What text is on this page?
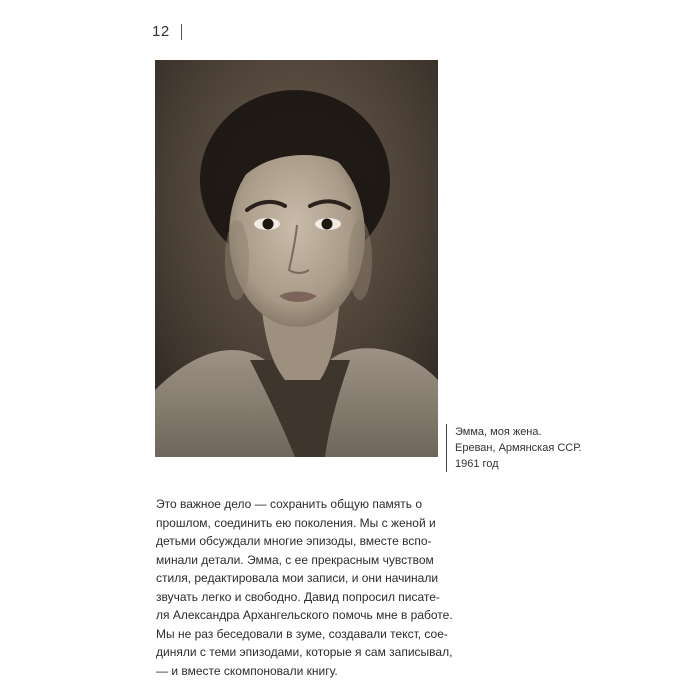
12
Эмма, моя жена.
Ереван, Армянская ССР.
1961 год
Это важное дело — сохранить общую память о
прошлом, соединить ею поколения. Мы с женой и
детьми обсуждали многие эпизоды, вместе вспо-
минали детали. Эмма, с ее прекрасным чувством
стиля, редактировала мои записи, и они начинали
звучать легко и свободно. Давид попросил писате-
ля Александра Архангельского помочь мне в работе.
Мы не раз беседовали в зуме, создавали текст, сое-
диняли с теми эпизодами, которые я сам записывал,
— и вместе скомпоновали книгу.
